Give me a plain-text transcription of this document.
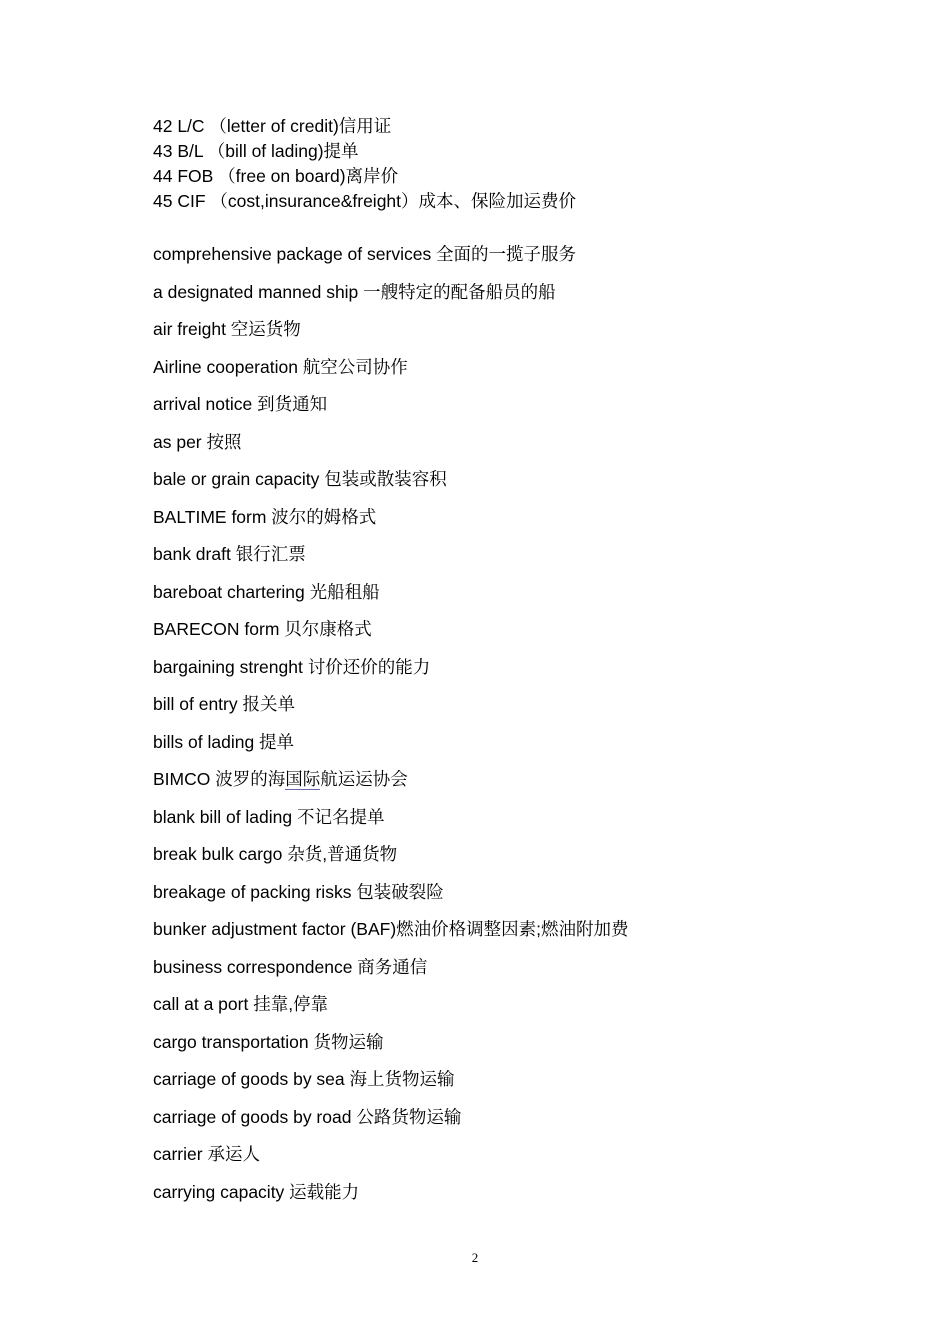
42 L/C （letter of credit)信用证
43 B/L （bill of lading)提单
44 FOB （free on board)离岸价
45 CIF （cost,insurance&freight）成本、保险加运费价
comprehensive package of services 全面的一揽子服务
a designated manned ship 一艘特定的配备船员的船
air freight 空运货物
Airline cooperation 航空公司协作
arrival notice 到货通知
as per 按照
bale or grain capacity 包装或散装容积
BALTIME form 波尔的姆格式
bank draft 银行汇票
bareboat chartering 光船租船
BARECON form 贝尔康格式
bargaining strenght 讨价还价的能力
bill of entry 报关单
bills of lading 提单
BIMCO 波罗的海国际航运运协会
blank bill of lading 不记名提单
break bulk cargo 杂货,普通货物
breakage of packing risks 包装破裂险
bunker adjustment factor (BAF)燃油价格调整因素;燃油附加费
business correspondence 商务通信
call at a port 挂靠,停靠
cargo transportation 货物运输
carriage of goods by sea 海上货物运输
carriage of goods by road 公路货物运输
carrier 承运人
carrying capacity 运载能力
2
